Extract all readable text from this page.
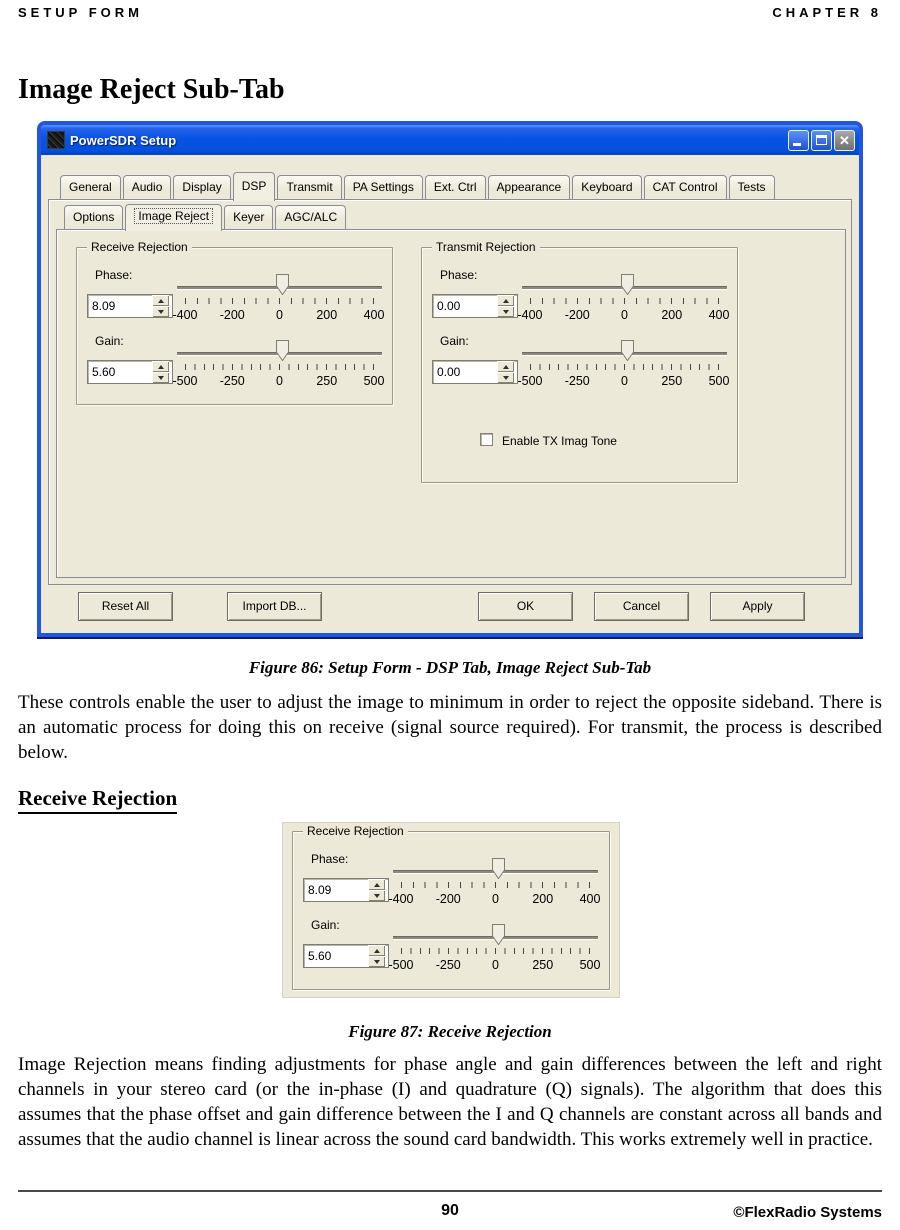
SETUP FORM	CHAPTER 8
Image Reject Sub-Tab
PowerSDR Setup	✕
General	Audio	Display	DSP	Transmit	PA Settings	Ext. Ctrl	Appearance	Keyboard	CAT Control	Tests
Options	Image Reject	Keyer	AGC/ALC
Receive Rejection
Phase:
8.09
-400 -200	0	200 400
Gain:
5.60
-500 -250	0	250 500
Transmit Rejection
Phase:
0.00
-400 -200	0	200 400
Gain:
0.00
-500 -250	0	250 500
Enable TX Imag Tone
Reset All	Import DB...	OK	Cancel	Apply
Figure 86: Setup Form - DSP Tab, Image Reject Sub-Tab

These controls enable the user to adjust the image to minimum in order to reject the opposite sideband. There is an automatic process for doing this on receive (signal source required). For transmit, the process is described below.

Receive Rejection
Receive Rejection
Phase:
8.09
-400 -200	0	200 400
Gain:
5.60
-500 -250	0	250 500
Figure 87: Receive Rejection

Image Rejection means finding adjustments for phase angle and gain differences between the left and right channels in your stereo card (or the in-phase (I) and quadrature (Q) signals). The algorithm that does this assumes that the phase offset and gain difference between the I and Q channels are constant across all bands and assumes that the audio channel is linear across the sound card bandwidth. This works extremely well in practice.

90	©FlexRadio Systems
